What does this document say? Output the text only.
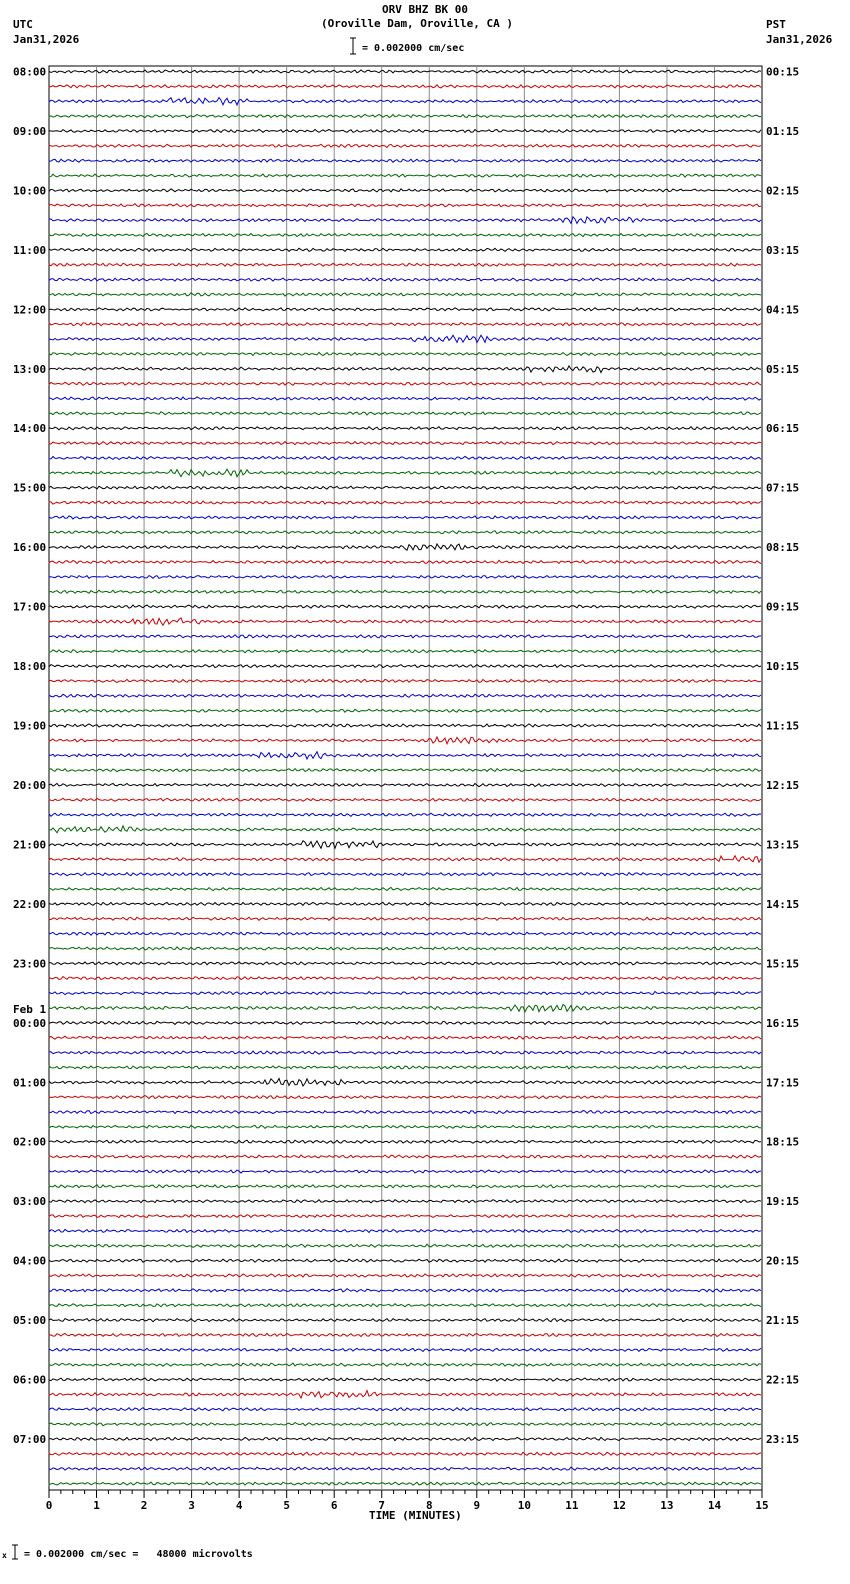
ORV BHZ BK 00
(Oroville Dam, Oroville, CA )
UTC
Jan31,2026
PST
Jan31,2026
= 0.002000 cm/sec
= 0.002000 cm/sec =   48000 microvolts
x
TIME (MINUTES)
08:00	00:15
09:00	01:15
10:00	02:15
11:00	03:15
12:00	04:15
13:00	05:15
14:00	06:15
15:00	07:15
16:00	08:15
17:00	09:15
18:00	10:15
19:00	11:15
20:00	12:15
21:00	13:15
22:00	14:15
23:00	15:15
00:00	16:15
01:00	17:15
02:00	18:15
03:00	19:15
04:00	20:15
05:00	21:15
06:00	22:15
07:00	23:15
Feb 1
0	1	2	3	4	5	6	7	8	9	10	11	12	13	14	15
